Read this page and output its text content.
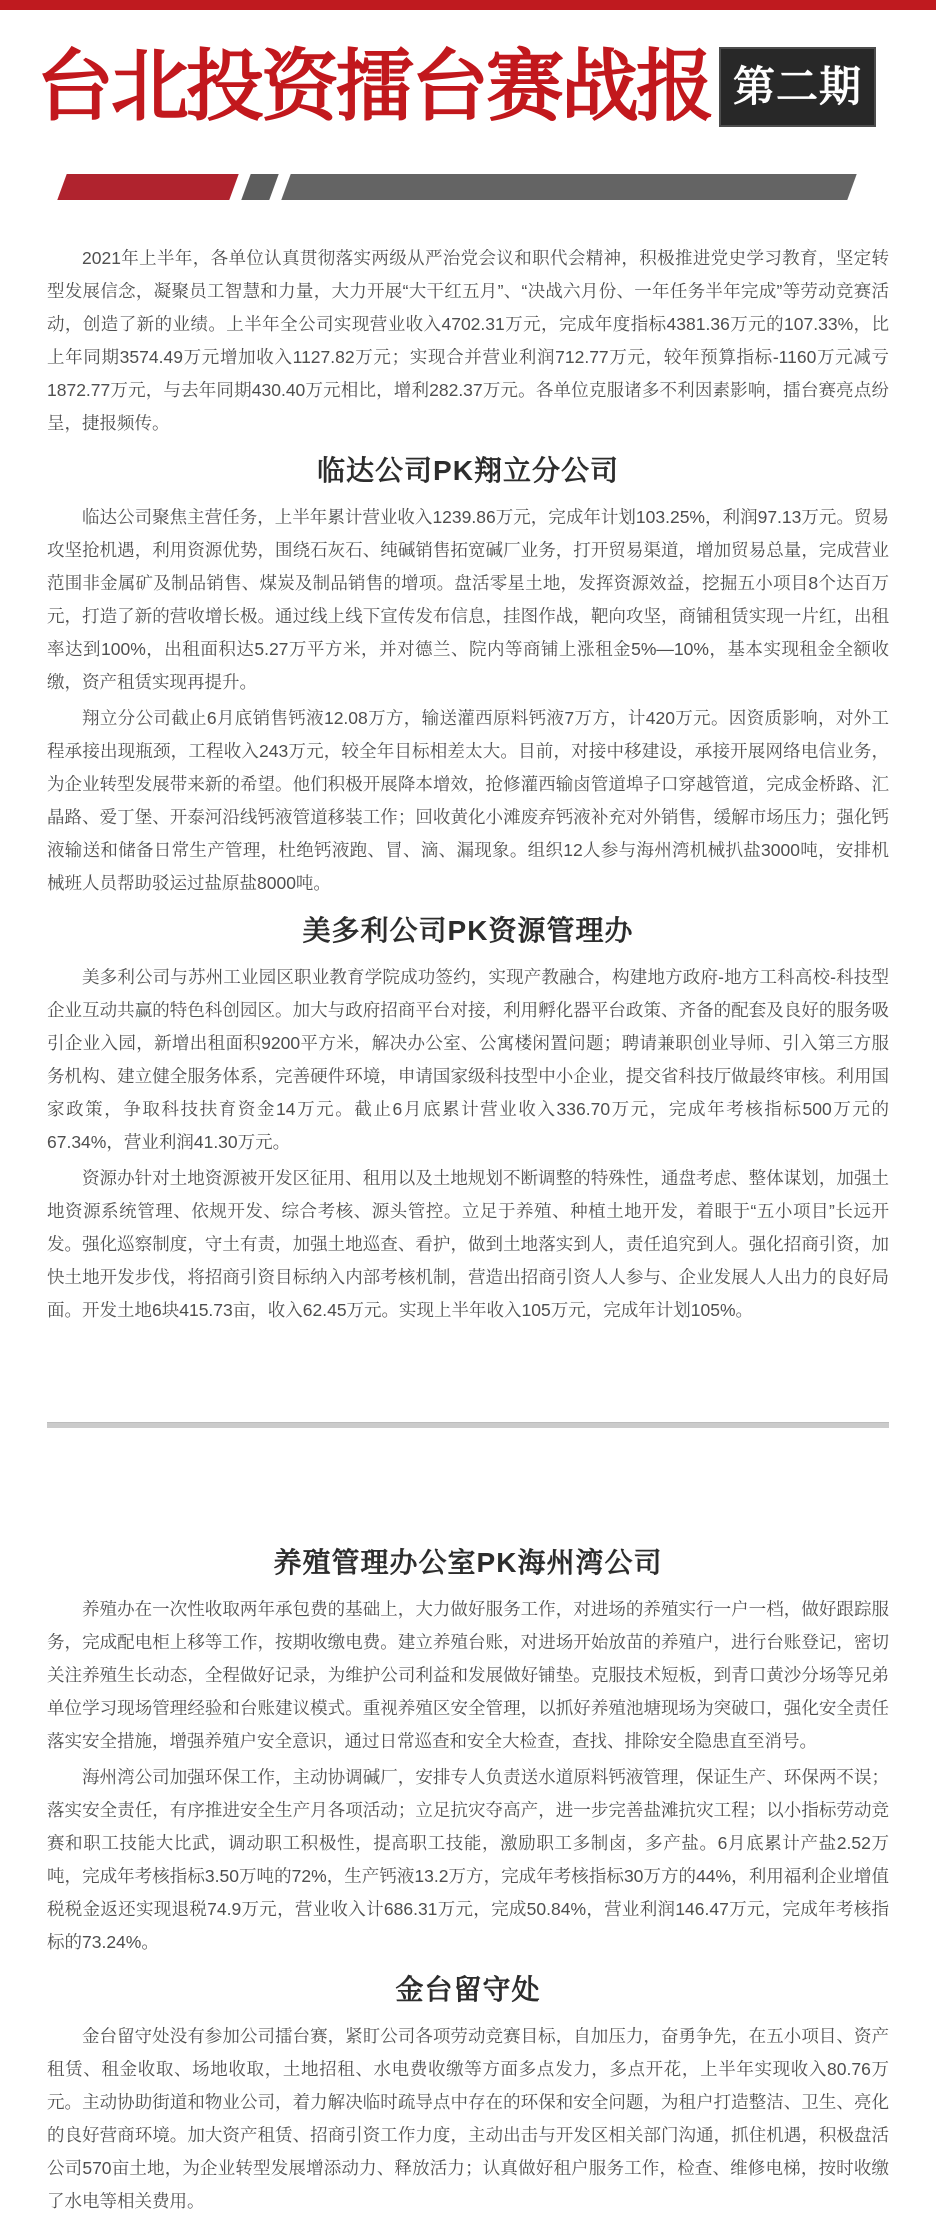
台北投资擂台赛战报 第二期

2021年上半年，各单位认真贯彻落实两级从严治党会议和职代会精神，积极推进党史学习教育，坚定转型发展信念，凝聚员工智慧和力量，大力开展“大干红五月”、“决战六月份、一年任务半年完成”等劳动竞赛活动，创造了新的业绩。上半年全公司实现营业收入4702.31万元，完成年度指标4381.36万元的107.33%，比上年同期3574.49万元增加收入1127.82万元；实现合并营业利润712.77万元，较年预算指标-1160万元减亏1872.77万元，与去年同期430.40万元相比，增利282.37万元。各单位克服诸多不利因素影响，擂台赛亮点纷呈，捷报频传。

临达公司PK翔立分公司

临达公司聚焦主营任务，上半年累计营业收入1239.86万元，完成年计划103.25%，利润97.13万元。贸易攻坚抢机遇，利用资源优势，围绕石灰石、纯碱销售拓宽碱厂业务，打开贸易渠道，增加贸易总量，完成营业范围非金属矿及制品销售、煤炭及制品销售的增项。盘活零星土地，发挥资源效益，挖掘五小项目8个达百万元，打造了新的营收增长极。通过线上线下宣传发布信息，挂图作战，靶向攻坚，商铺租赁实现一片红，出租率达到100%，出租面积达5.27万平方米，并对德兰、院内等商铺上涨租金5%—10%，基本实现租金全额收缴，资产租赁实现再提升。

翔立分公司截止6月底销售钙液12.08万方，输送灌西原料钙液7万方，计420万元。因资质影响，对外工程承接出现瓶颈，工程收入243万元，较全年目标相差太大。目前，对接中移建设，承接开展网络电信业务，为企业转型发展带来新的希望。他们积极开展降本增效，抢修灌西输卤管道埠子口穿越管道，完成金桥路、汇晶路、爱丁堡、开泰河沿线钙液管道移装工作；回收黄化小滩废弃钙液补充对外销售，缓解市场压力；强化钙液输送和储备日常生产管理，杜绝钙液跑、冒、滴、漏现象。组织12人参与海州湾机械扒盐3000吨，安排机械班人员帮助驳运过盐原盐8000吨。

美多利公司PK资源管理办

美多利公司与苏州工业园区职业教育学院成功签约，实现产教融合，构建地方政府-地方工科高校-科技型企业互动共赢的特色科创园区。加大与政府招商平台对接，利用孵化器平台政策、齐备的配套及良好的服务吸引企业入园，新增出租面积9200平方米，解决办公室、公寓楼闲置问题；聘请兼职创业导师、引入第三方服务机构、建立健全服务体系，完善硬件环境，申请国家级科技型中小企业，提交省科技厅做最终审核。利用国家政策，争取科技扶育资金14万元。截止6月底累计营业收入336.70万元，完成年考核指标500万元的67.34%，营业利润41.30万元。

资源办针对土地资源被开发区征用、租用以及土地规划不断调整的特殊性，通盘考虑、整体谋划，加强土地资源系统管理、依规开发、综合考核、源头管控。立足于养殖、种植土地开发，着眼于“五小项目”长远开发。强化巡察制度，守土有责，加强土地巡查、看护，做到土地落实到人，责任追究到人。强化招商引资，加快土地开发步伐，将招商引资目标纳入内部考核机制，营造出招商引资人人参与、企业发展人人出力的良好局面。开发土地6块415.73亩，收入62.45万元。实现上半年收入105万元，完成年计划105%。

养殖管理办公室PK海州湾公司

养殖办在一次性收取两年承包费的基础上，大力做好服务工作，对进场的养殖实行一户一档，做好跟踪服务，完成配电柜上移等工作，按期收缴电费。建立养殖台账，对进场开始放苗的养殖户，进行台账登记，密切关注养殖生长动态，全程做好记录，为维护公司利益和发展做好铺垫。克服技术短板，到青口黄沙分场等兄弟单位学习现场管理经验和台账建议模式。重视养殖区安全管理，以抓好养殖池塘现场为突破口，强化安全责任落实安全措施，增强养殖户安全意识，通过日常巡查和安全大检查，查找、排除安全隐患直至消号。

海州湾公司加强环保工作，主动协调碱厂，安排专人负责送水道原料钙液管理，保证生产、环保两不误；落实安全责任，有序推进安全生产月各项活动；立足抗灾夺高产，进一步完善盐滩抗灾工程；以小指标劳动竞赛和职工技能大比武，调动职工积极性，提高职工技能，激励职工多制卤，多产盐。6月底累计产盐2.52万吨，完成年考核指标3.50万吨的72%，生产钙液13.2万方，完成年考核指标30万方的44%，利用福利企业增值税税金返还实现退税74.9万元，营业收入计686.31万元，完成50.84%，营业利润146.47万元，完成年考核指标的73.24%。

金台留守处

金台留守处没有参加公司擂台赛，紧盯公司各项劳动竞赛目标，自加压力，奋勇争先，在五小项目、资产租赁、租金收取、场地收取，土地招租、水电费收缴等方面多点发力，多点开花，上半年实现收入80.76万元。主动协助街道和物业公司，着力解决临时疏导点中存在的环保和安全问题，为租户打造整洁、卫生、亮化的良好营商环境。加大资产租赁、招商引资工作力度，主动出击与开发区相关部门沟通，抓住机遇，积极盘活公司570亩土地，为企业转型发展增添动力、释放活力；认真做好租户服务工作，检查、维修电梯，按时收缴了水电等相关费用。
